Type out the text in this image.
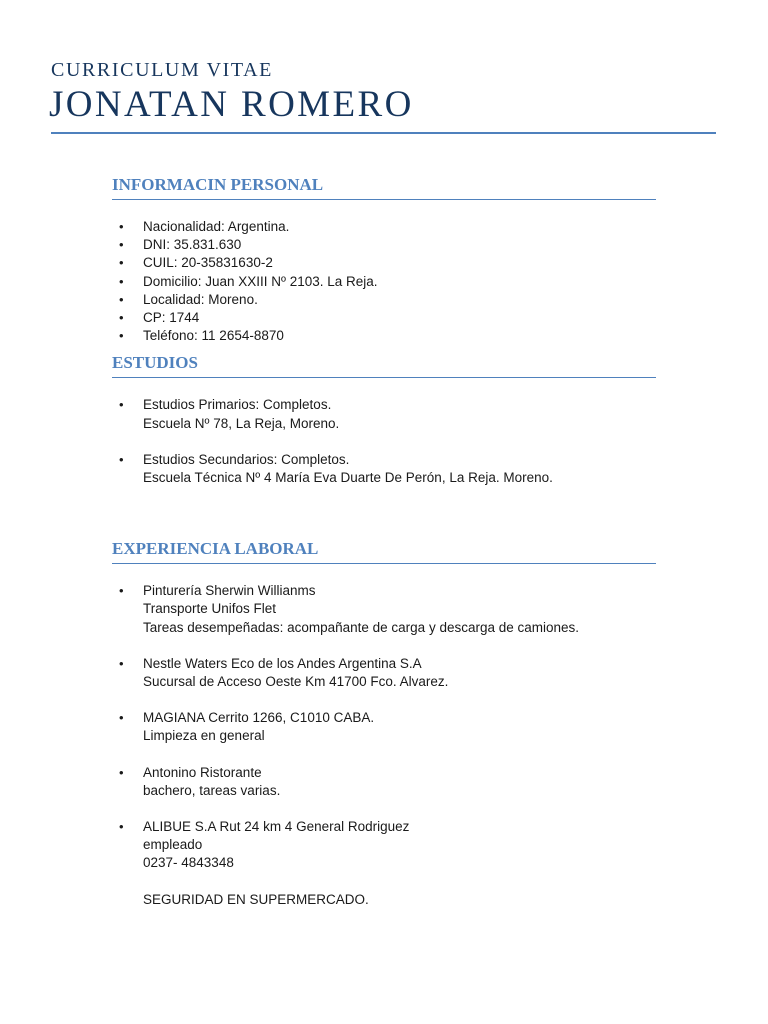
CURRICULUM VITAE
JONATAN ROMERO
INFORMACIN PERSONAL
• Nacionalidad: Argentina.
• DNI: 35.831.630
• CUIL: 20-35831630-2
• Domicilio: Juan XXIII Nº 2103. La Reja.
• Localidad: Moreno.
• CP: 1744
• Teléfono: 11 2654-8870
ESTUDIOS
• Estudios Primarios: Completos.
Escuela Nº 78, La Reja, Moreno.
• Estudios Secundarios: Completos.
Escuela Técnica Nº 4 María Eva Duarte De Perón, La Reja. Moreno.
EXPERIENCIA LABORAL
• Pinturería Sherwin Willianms
Transporte Unifos Flet
Tareas desempeñadas: acompañante de carga y descarga de camiones.
• Nestle Waters Eco de los Andes Argentina S.A
Sucursal de Acceso Oeste Km 41700 Fco. Alvarez.
• MAGIANA Cerrito 1266, C1010 CABA.
Limpieza en general
• Antonino Ristorante
bachero, tareas varias.
• ALIBUE S.A Rut 24 km 4 General Rodriguez
empleado
0237- 4843348
SEGURIDAD EN SUPERMERCADO.
